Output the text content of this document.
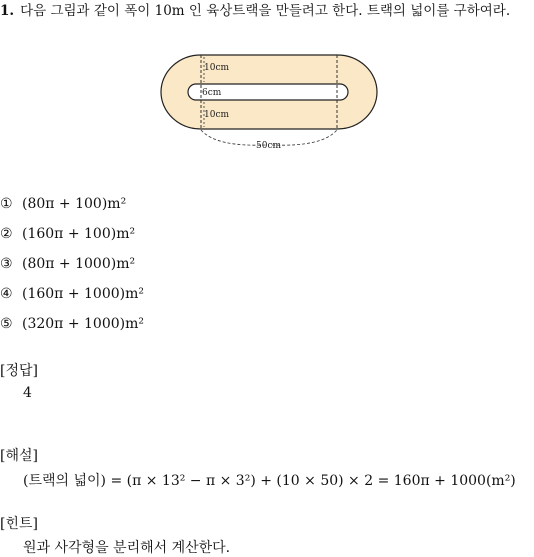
1. 다음 그림과 같이 폭이 10m 인 육상트랙을 만들려고 한다. 트랙의 넓이를 구하여라.
10cm
6cm
10cm
50cm
① (80π + 100)m²
② (160π + 100)m²
③ (80π + 1000)m²
④ (160π + 1000)m²
⑤ (320π + 1000)m²
[정답]
4
[해설]
(트랙의 넓이) = (π × 13² − π × 3²) + (10 × 50) × 2 = 160π + 1000(m²)
[힌트]
원과 사각형을 분리해서 계산한다.
